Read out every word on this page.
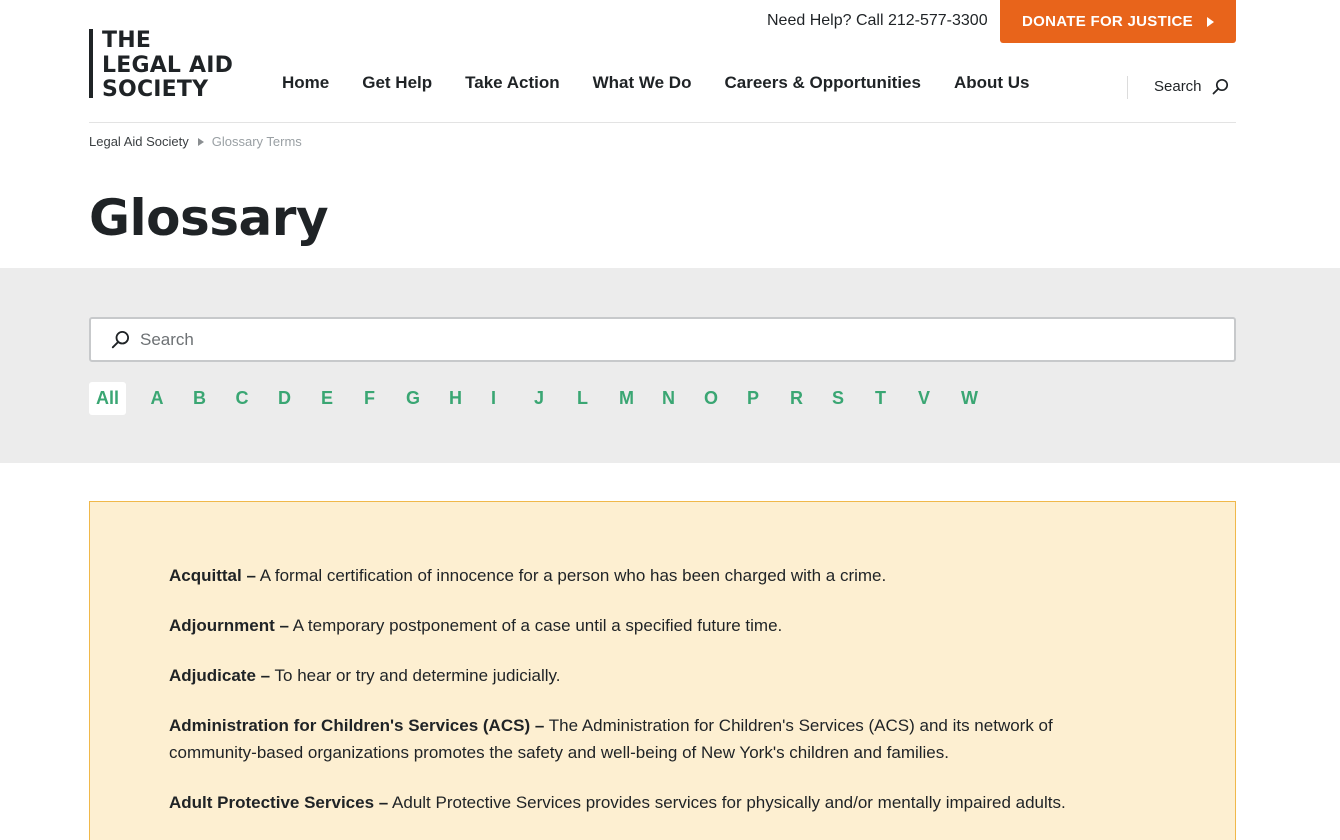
THE
LEGAL AID
SOCIETY
Need Help? Call 212-577-3300 DONATE FOR JUSTICE
Home Get Help Take Action What We Do Careers & Opportunities About Us	Search
Legal Aid Society Glossary Terms
Glossary
Search
All	A B C D E F G H I J L M N O P R S T V W

Acquittal – A formal certification of innocence for a person who has been charged with a crime.

Adjournment – A temporary postponement of a case until a specified future time.

Adjudicate – To hear or try and determine judicially.

Administration for Children's Services (ACS) – The Administration for Children's Services (ACS) and its network of community-based organizations promotes the safety and well-being of New York's children and families.

Adult Protective Services – Adult Protective Services provides services for physically and/or mentally impaired adults.
